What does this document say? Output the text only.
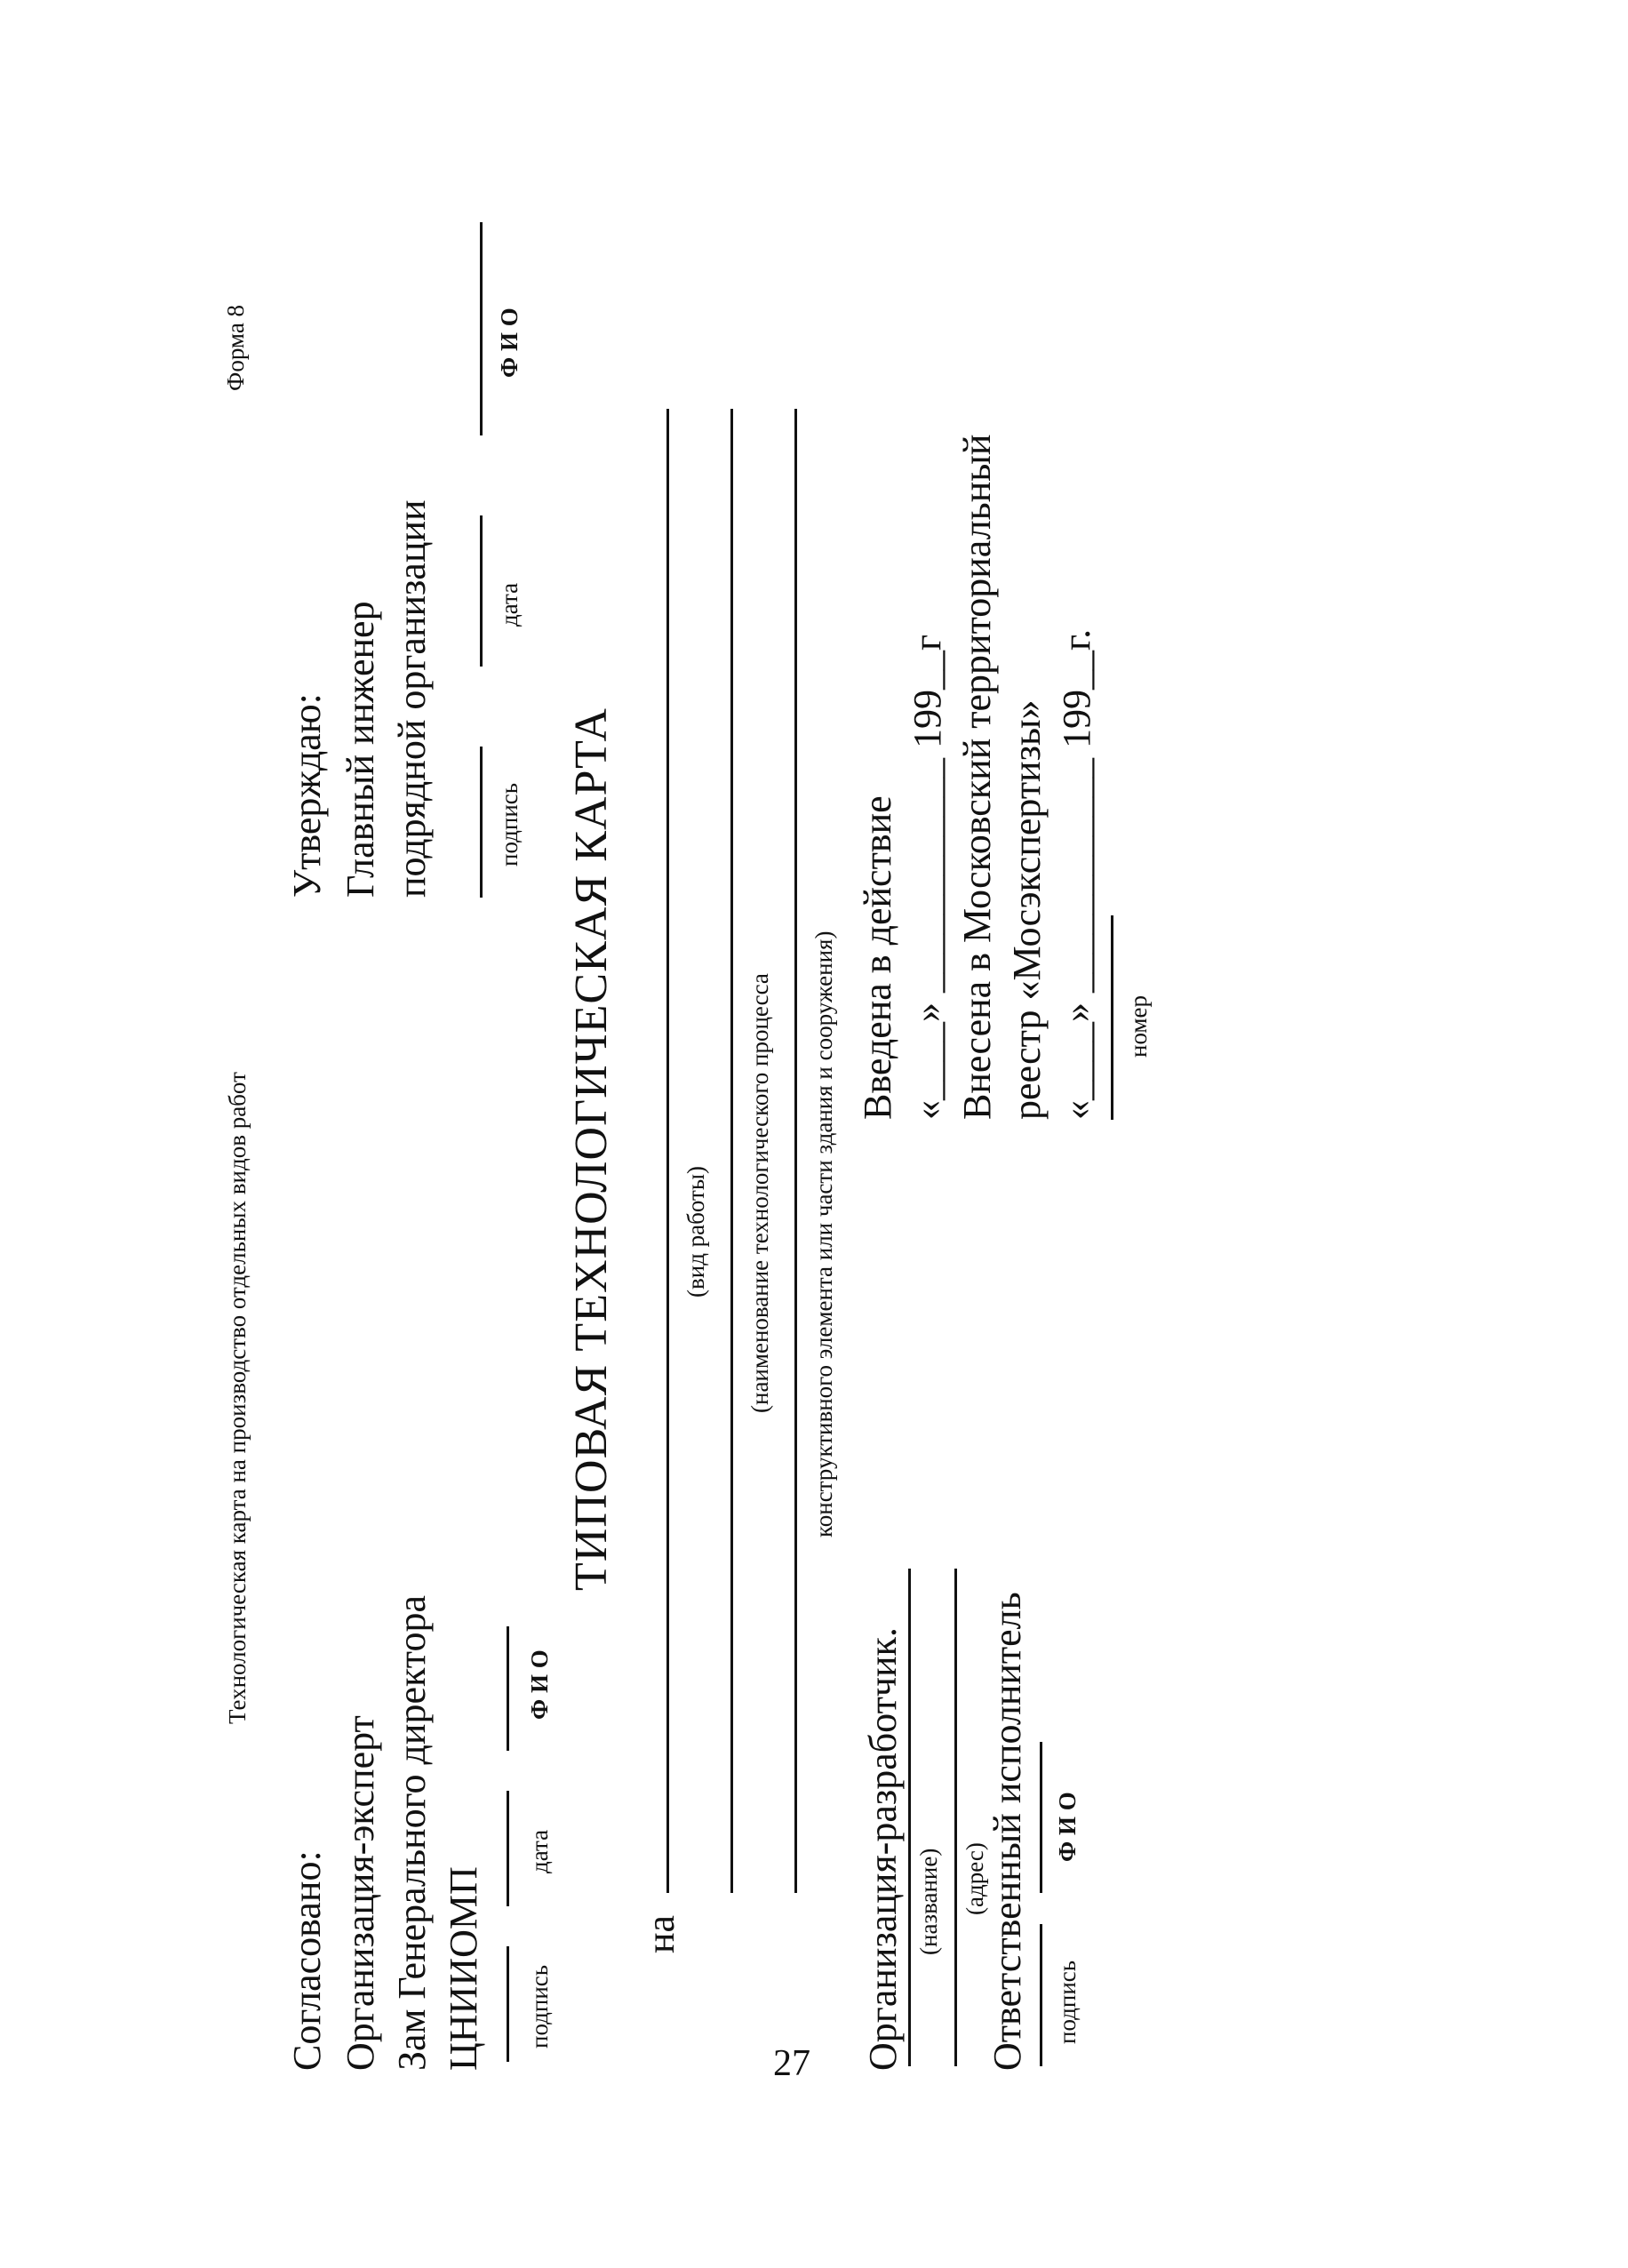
Технологическая карта на производство отдельных видов работ
Форма 8
Согласовано: Организация-эксперт Зам Генерального директора ЦНИИОМП подпись
дата
Ф И О
Утверждаю: Главный инженер подрядной организации	подпись
дата
Ф И О
ТИПОВАЯ ТЕХНОЛОГИЧЕСКАЯ КАРТА
на
(вид работы) (наименование технологического процесса конструктивного элемента или части здания и сооружения)
Организация-разработчик. (название) (адрес)
Ответственный исполнитель подпись
Ф И О
Введена в действие «____» ____________ 199__г Внесена в Московский территориальный реестр «Мосэкспертизы» «____» ____________ 199__г. номер
27
